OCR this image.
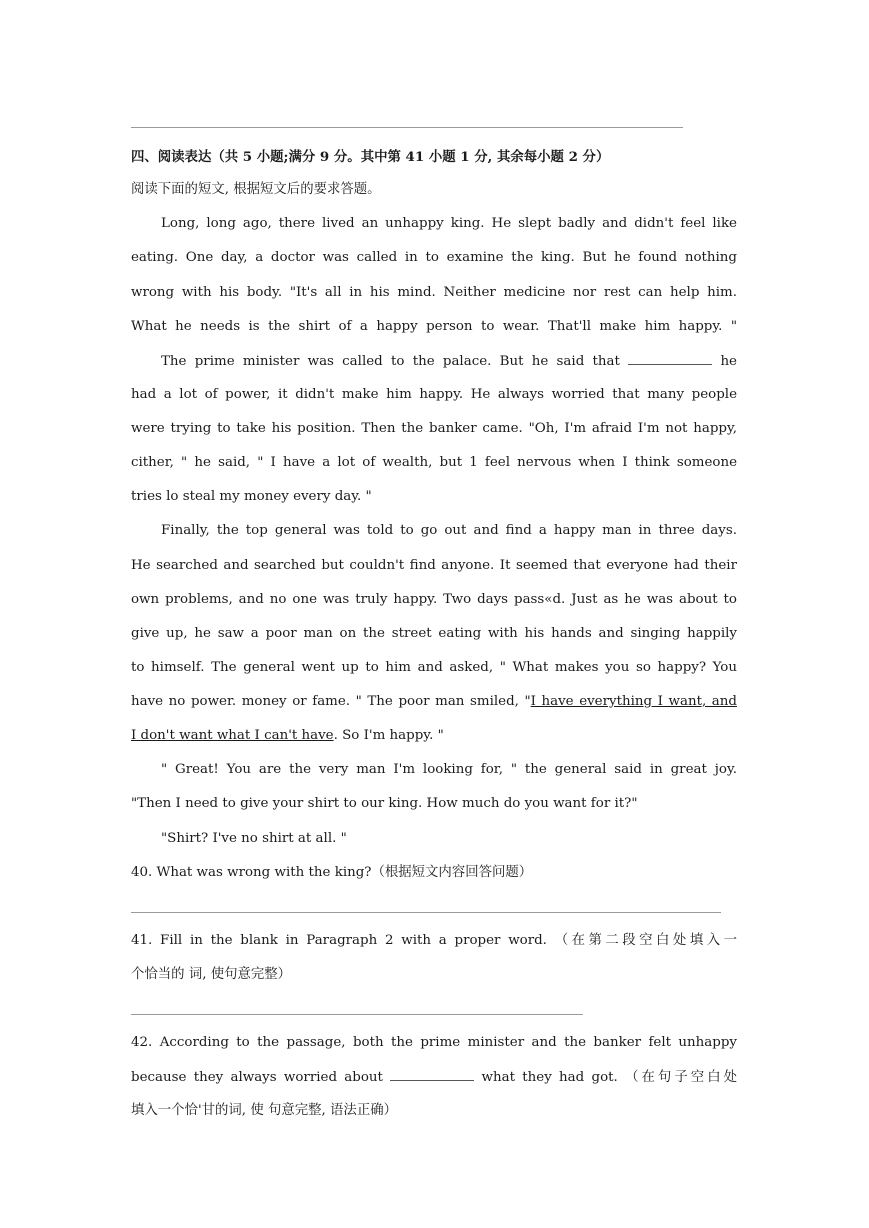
四、阅读表达（共 5 小题;满分 9 分。其中第 41 小题 1 分, 其余每小题 2 分）
阅读下面的短文, 根据短文后的要求答题。
Long, long ago, there lived an unhappy king. He slept badly and didn't feel like
eating. One day, a doctor was called in to examine the king. But he found nothing
wrong with his body. "It's all in his mind. Neither medicine nor rest can help him.
What he needs is the shirt of a happy person to wear. That'll make him happy. "
The prime minister was called to the palace. But he said that	he
had a lot of power, it didn't make him happy. He always worried that many people
were trying to take his position. Then the banker came. "Oh, I'm afraid I'm not happy,
cither, " he said, " I have a lot of wealth, but 1 feel nervous when I think someone
tries lo steal my money every day. "
Finally, the top general was told to go out and find a happy man in three days.
He searched and searched but couldn't find anyone. It seemed that everyone had their
own problems, and no one was truly happy. Two days pass«d. Just as he was about to
give up, he saw a poor man on the street eating with his hands and singing happily
to himself. The general went up to him and asked, " What makes you so happy? You
have no power. money or fame. " The poor man smiled, "I have everything I want, and
I don't want what I can't have. So I'm happy. "
" Great! You are the very man I'm looking for, " the general said in great joy.
"Then I need to give your shirt to our king. How much do you want for it?"
"Shirt? I've no shirt at all. "
40. What was wrong with the king?（根据短文内容回答问题）
41. Fill in the blank in Paragraph 2 with a proper word. （在第二段空白处填入一
个恰当的 词, 使句意完整）
42. According to the passage, both the prime minister and the banker felt unhappy
because they always worried about	what they had got. （在句子空白处
填入一个恰'甘的词, 使 句意完整, 语法正确）
